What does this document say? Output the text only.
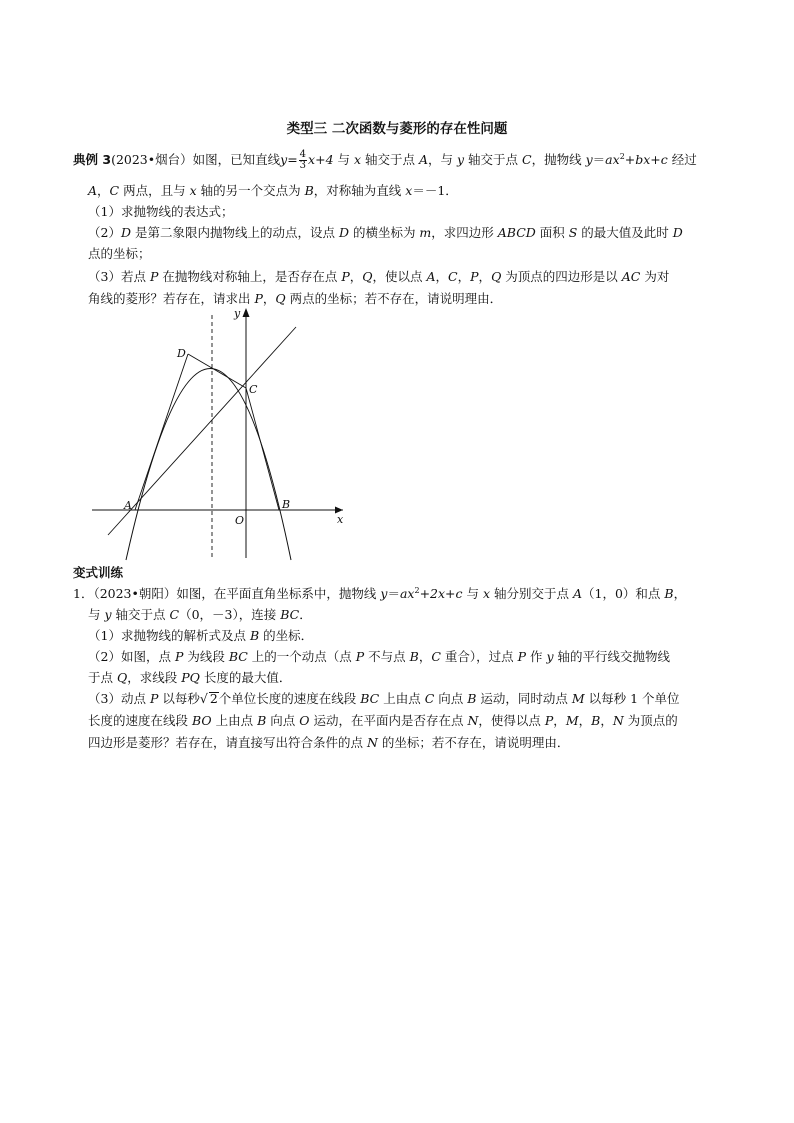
类型三 二次函数与菱形的存在性问题
典例 3(2023•烟台）如图，已知直线$y= \frac{4}{3} x+4$ 与 x 轴交于点 A，与 y 轴交于点 C，抛物线 $y=ax^2+bx+c$ 经过
A，C 两点，且与 x 轴的另一个交点为 B，对称轴为直线 x＝－1．
（1）求抛物线的表达式；
（2）D 是第二象限内抛物线上的动点，设点 D 的横坐标为 m，求四边形 ABCD 面积 S 的最大值及此时 D
点的坐标；
（3）若点 P 在抛物线对称轴上，是否存在点 P，Q，使以点 A，C，P，Q 为顶点的四边形是以 AC 为对
角线的菱形？若存在，请求出 P，Q 两点的坐标；若不存在，请说明理由．
y
x
O
A	B
C
D
变式训练
1．（2023•朝阳）如图，在平面直角坐标系中，抛物线 $y=ax^2+2x+c$ 与 x 轴分别交于点 A（1，0）和点 B，
与 y 轴交于点 C（0，－3），连接 BC．
（1）求抛物线的解析式及点 B 的坐标．
（2）如图，点 P 为线段 BC 上的一个动点（点 P 不与点 B，C 重合），过点 P 作 y 轴的平行线交抛物线
于点 Q，求线段 PQ 长度的最大值．
（3）动点 P 以每秒√ 2个单位长度的速度在线段 BC 上由点 C 向点 B 运动，同时动点 M 以每秒 1 个单位
长度的速度在线段 BO 上由点 B 向点 O 运动，在平面内是否存在点 N，使得以点 P，M，B，N 为顶点的
四边形是菱形？若存在，请直接写出符合条件的点 N 的坐标；若不存在，请说明理由．
